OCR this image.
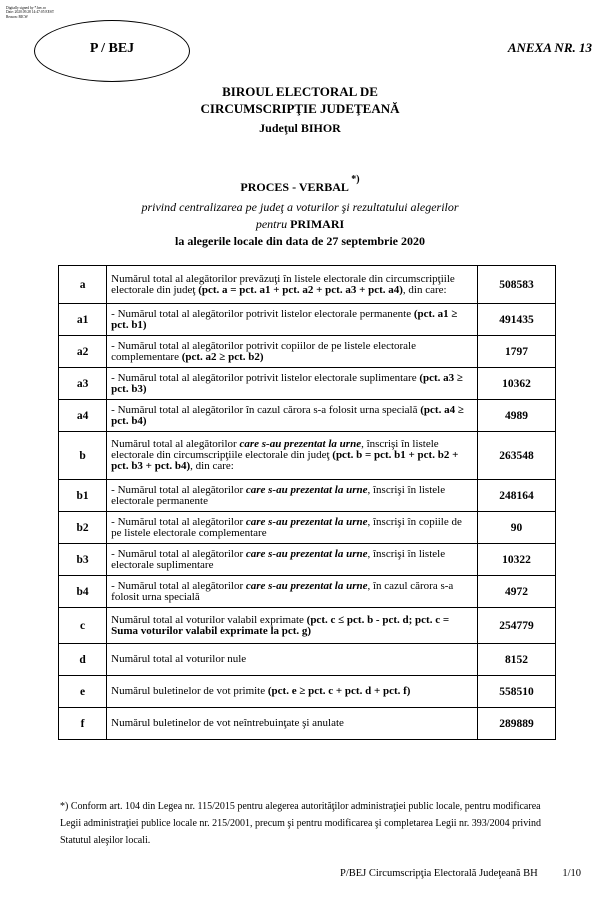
Digitally signed by *.bec.ro
Date: 2020.09.28 14:47:05 EEST
Reason: BICW
P / BEJ	ANEXA NR. 13
BIROUL ELECTORAL DE
CIRCUMSCRIPŢIE JUDEŢEANĂ
Judeţul BIHOR
PROCES - VERBAL *)
privind centralizarea pe judeţ a voturilor şi rezultatului alegerilor
pentru PRIMARI
la alegerile locale din data de 27 septembrie 2020
a	Numărul total al alegătorilor prevăzuţi în listele electorale din circumscripţiile electorale din judeţ (pct. a = pct. a1 + pct. a2 + pct. a3 + pct. a4), din care:	508583
a1	- Numărul total al alegătorilor potrivit listelor electorale permanente (pct. a1 ≥ pct. b1)	491435
a2	- Numărul total al alegătorilor potrivit copiilor de pe listele electorale complementare (pct. a2 ≥ pct. b2)	1797
a3	- Numărul total al alegătorilor potrivit listelor electorale suplimentare (pct. a3 ≥ pct. b3)	10362
a4	- Numărul total al alegătorilor în cazul cărora s-a folosit urna specială (pct. a4 ≥ pct. b4)	4989
b	Numărul total al alegătorilor care s-au prezentat la urne, înscrişi în listele electorale din circumscripţiile electorale din judeţ (pct. b = pct. b1 + pct. b2 + pct. b3 + pct. b4), din care:	263548
b1	- Numărul total al alegătorilor care s-au prezentat la urne, înscrişi în listele electorale permanente	248164
b2	- Numărul total al alegătorilor care s-au prezentat la urne, înscrişi în copiile de pe listele electorale complementare	90
b3	- Numărul total al alegătorilor care s-au prezentat la urne, înscrişi în listele electorale suplimentare	10322
b4	- Numărul total al alegătorilor care s-au prezentat la urne, în cazul cărora s-a folosit urna specială	4972
c	Numărul total al voturilor valabil exprimate (pct. c ≤ pct. b - pct. d; pct. c = Suma voturilor valabil exprimate la pct. g)	254779
d	Numărul total al voturilor nule	8152
e	Numărul buletinelor de vot primite (pct. e ≥ pct. c + pct. d + pct. f)	558510
f	Numărul buletinelor de vot neîntrebuinţate şi anulate	289889
*) Conform art. 104 din Legea nr. 115/2015 pentru alegerea autorităţilor administraţiei public locale, pentru modificarea Legii administraţiei publice locale nr. 215/2001, precum şi pentru modificarea şi completarea Legii nr. 393/2004 privind Statutul aleşilor locali.
P/BEJ Circumscripţia Electorală Judeţeană BH 1/10
